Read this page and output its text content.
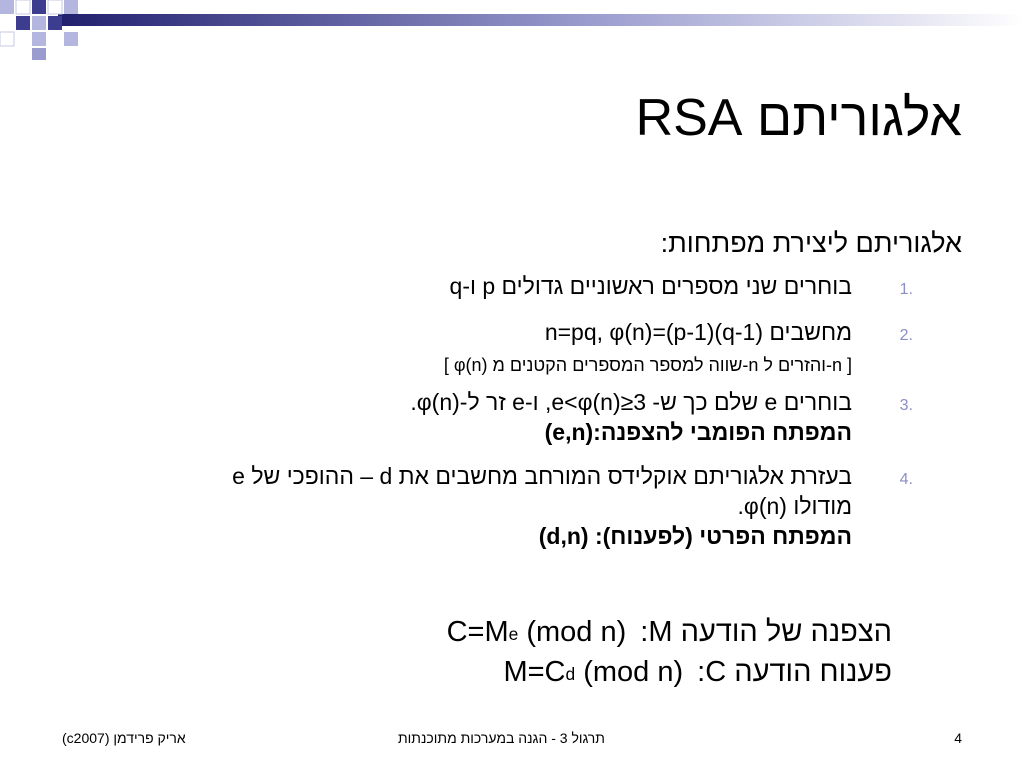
אלגוריתם RSA
אלגוריתם ליצירת מפתחות:
1.
בוחרים שני מספרים ראשוניים גדולים p ו-q
2.
מחשבים n=pq, φ(n)=(p-1)(q-1)
[ φ(n) שווה למספר המספרים הקטנים מ-n והזרים ל-n ]
3.
בוחרים e שלם כך ש- 3≤e<φ(n), ו-e זר ל-φ(n).
המפתח הפומבי להצפנה:(e,n)
4.
בעזרת אלגוריתם אוקלידס המורחב מחשבים את d – ההופכי של e
מודולו φ(n).
המפתח הפרטי (לפענוח): (d,n)
הצפנה של הודעה $M:C=M^e$ (mod n)
פענוח הודעה $C:M=C^d$ (mod n)
אריק פרידמן (c2007)	תרגול 3 - הגנה במערכות מתוכנתות	4
